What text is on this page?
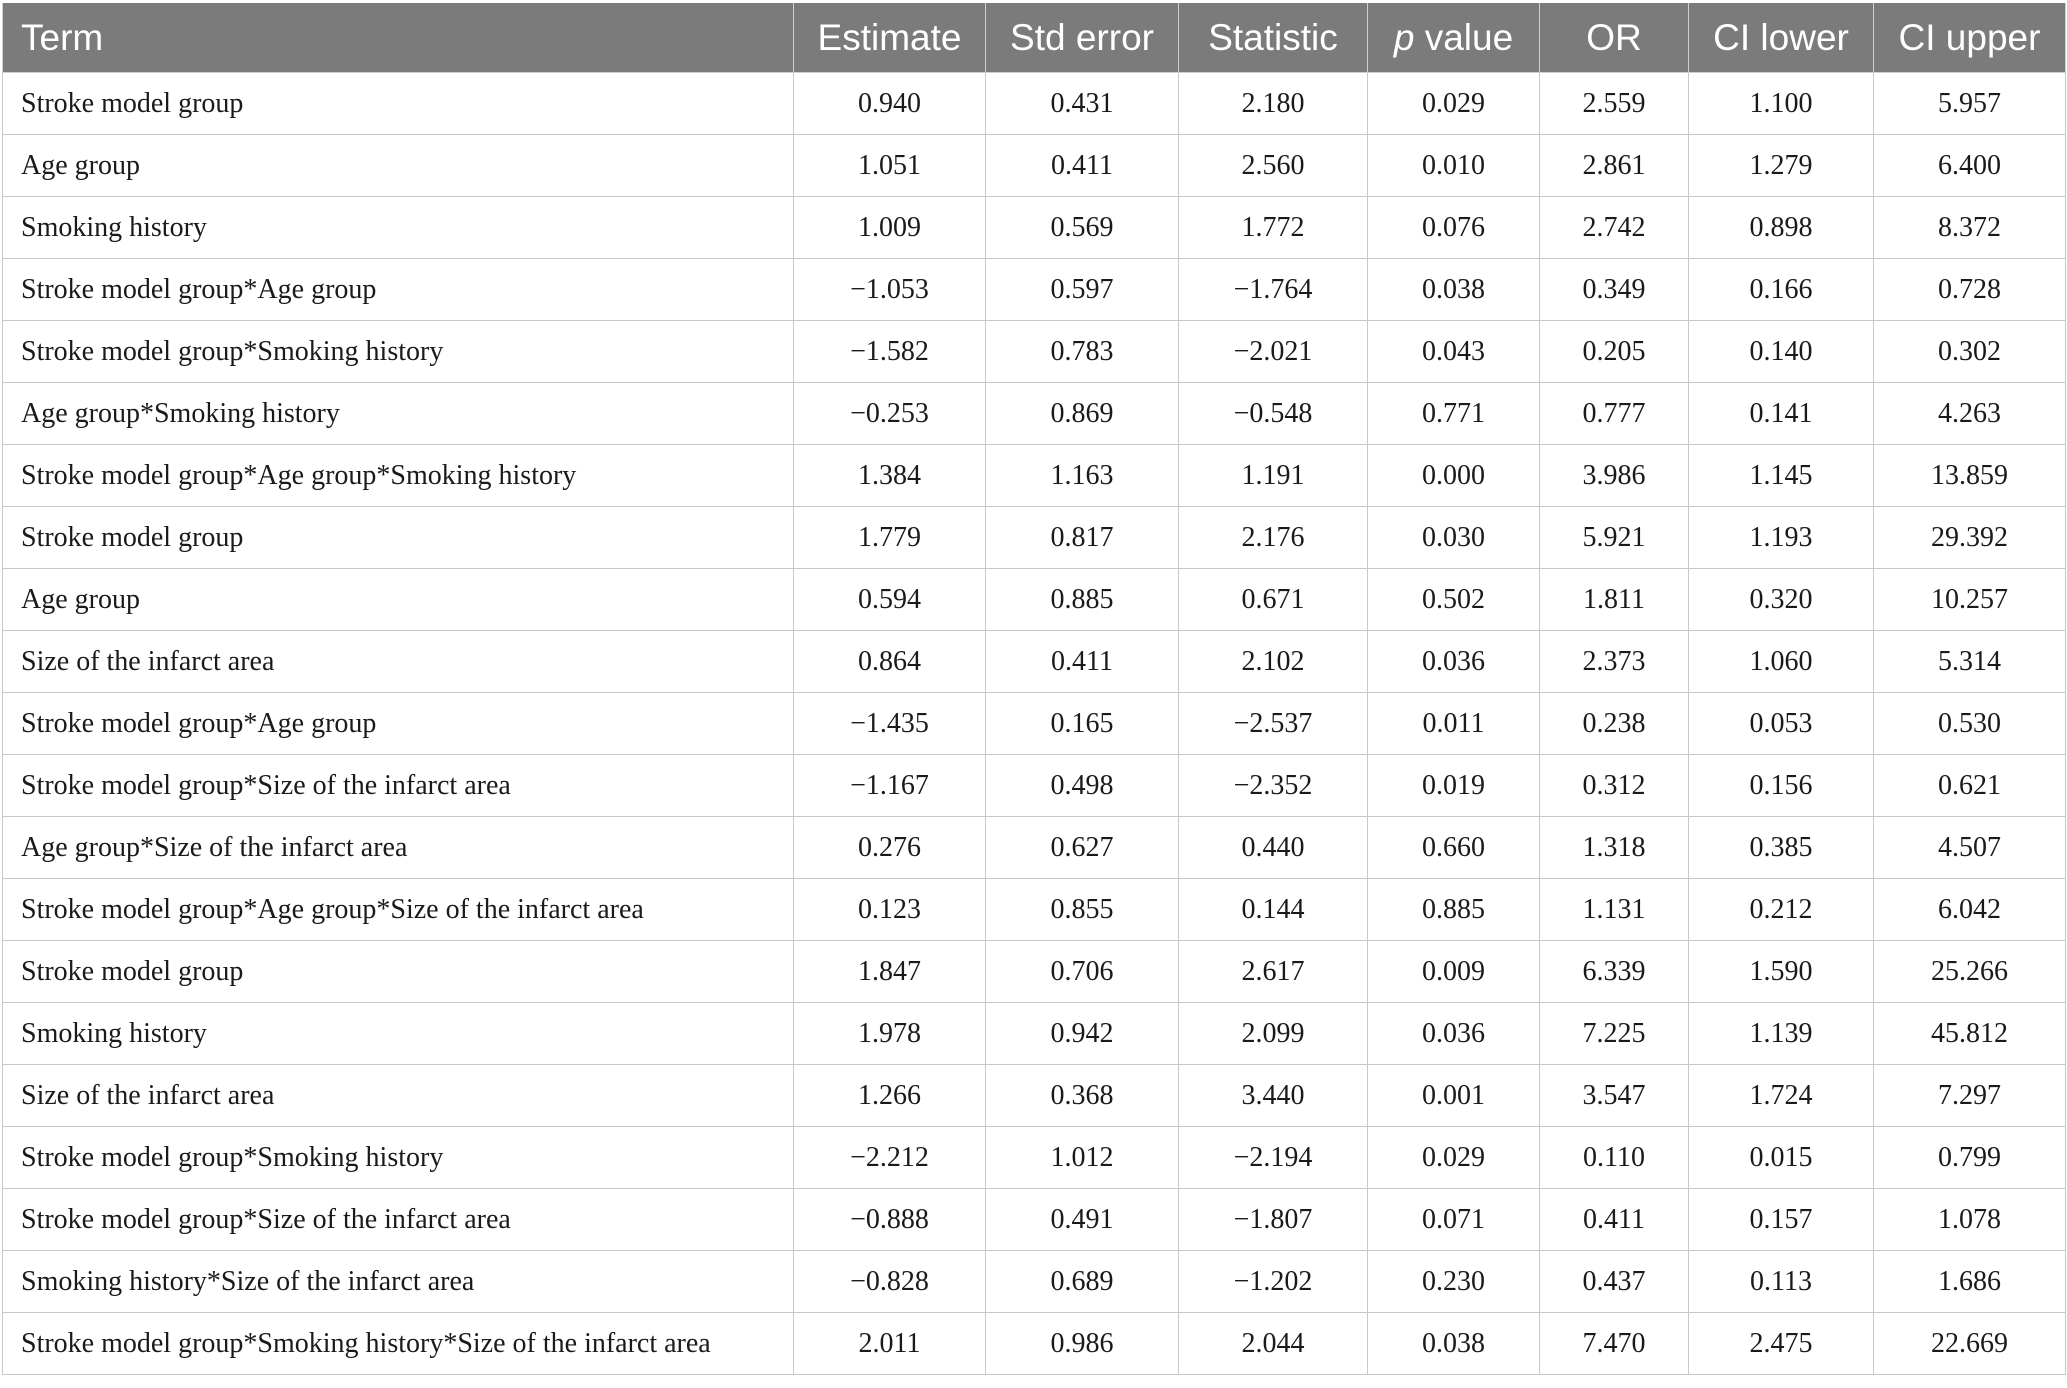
Term	Estimate	Std error	Statistic	p value	OR	CI lower	CI upper
Stroke model group	0.940	0.431	2.180	0.029	2.559	1.100	5.957
Age group	1.051	0.411	2.560	0.010	2.861	1.279	6.400
Smoking history	1.009	0.569	1.772	0.076	2.742	0.898	8.372
Stroke model group*Age group	−1.053	0.597	−1.764	0.038	0.349	0.166	0.728
Stroke model group*Smoking history	−1.582	0.783	−2.021	0.043	0.205	0.140	0.302
Age group*Smoking history	−0.253	0.869	−0.548	0.771	0.777	0.141	4.263
Stroke model group*Age group*Smoking history	1.384	1.163	1.191	0.000	3.986	1.145	13.859
Stroke model group	1.779	0.817	2.176	0.030	5.921	1.193	29.392
Age group	0.594	0.885	0.671	0.502	1.811	0.320	10.257
Size of the infarct area	0.864	0.411	2.102	0.036	2.373	1.060	5.314
Stroke model group*Age group	−1.435	0.165	−2.537	0.011	0.238	0.053	0.530
Stroke model group*Size of the infarct area	−1.167	0.498	−2.352	0.019	0.312	0.156	0.621
Age group*Size of the infarct area	0.276	0.627	0.440	0.660	1.318	0.385	4.507
Stroke model group*Age group*Size of the infarct area	0.123	0.855	0.144	0.885	1.131	0.212	6.042
Stroke model group	1.847	0.706	2.617	0.009	6.339	1.590	25.266
Smoking history	1.978	0.942	2.099	0.036	7.225	1.139	45.812
Size of the infarct area	1.266	0.368	3.440	0.001	3.547	1.724	7.297
Stroke model group*Smoking history	−2.212	1.012	−2.194	0.029	0.110	0.015	0.799
Stroke model group*Size of the infarct area	−0.888	0.491	−1.807	0.071	0.411	0.157	1.078
Smoking history*Size of the infarct area	−0.828	0.689	−1.202	0.230	0.437	0.113	1.686
Stroke model group*Smoking history*Size of the infarct area	2.011	0.986	2.044	0.038	7.470	2.475	22.669
